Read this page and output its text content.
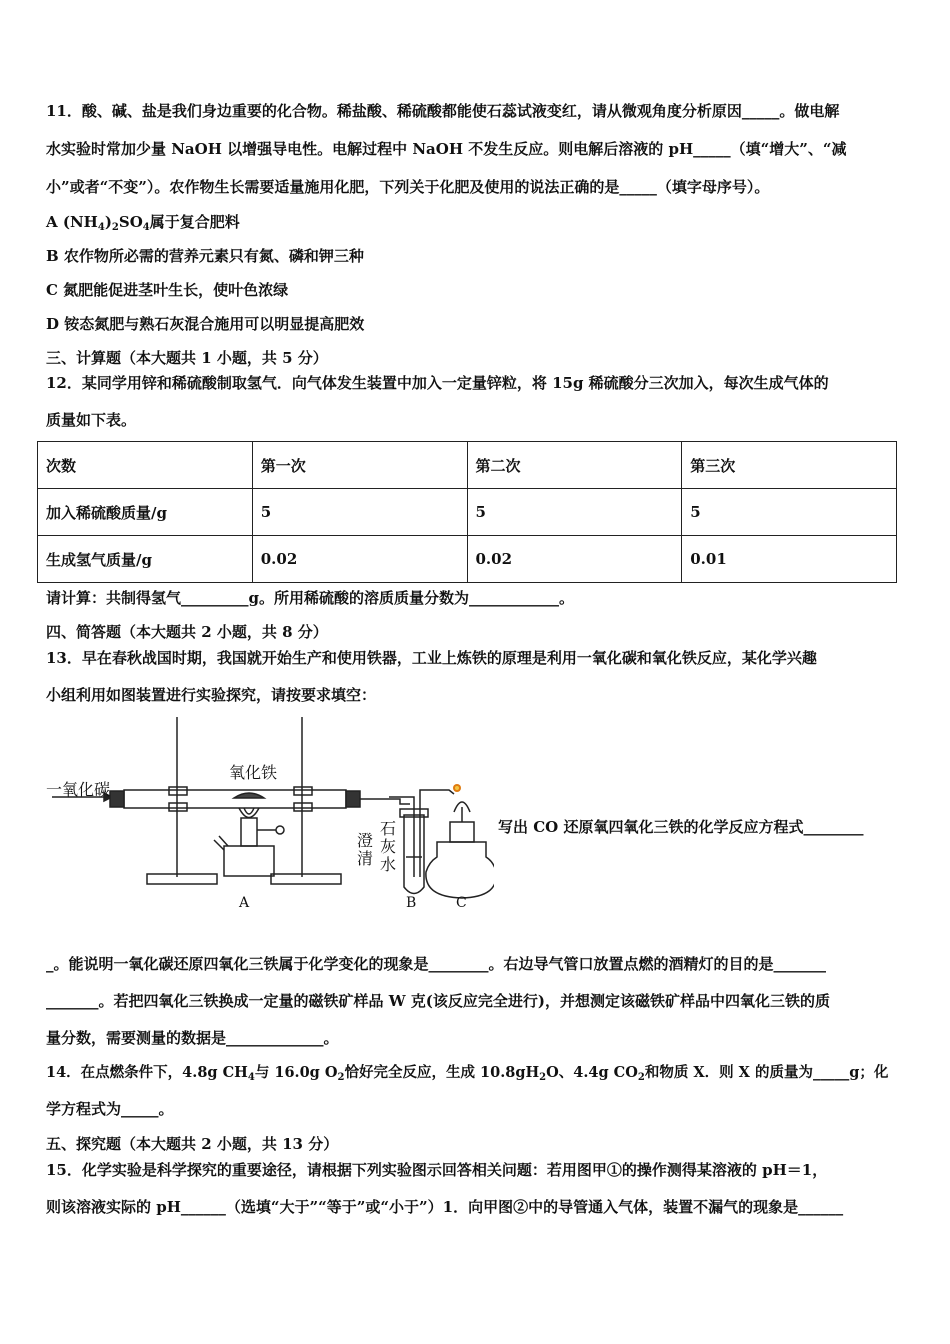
11．酸、碱、盐是我们身边重要的化合物。稀盐酸、稀硫酸都能使石蕊试液变红，请从微观角度分析原因_____。做电解
水实验时常加少量 NaOH 以增强导电性。电解过程中 NaOH 不发生反应。则电解后溶液的 pH_____（填“增大”、“减
小”或者“不变”）。农作物生长需要适量施用化肥，下列关于化肥及使用的说法正确的是_____（填字母序号）。
A $(NH_4)_2SO_4$属于复合肥料
B 农作物所必需的营养元素只有氮、磷和钾三种
C 氮肥能促进茎叶生长，使叶色浓绿
D 铵态氮肥与熟石灰混合施用可以明显提高肥效
三、计算题（本大题共 1 小题，共 5 分）
12．某同学用锌和稀硫酸制取氢气．向气体发生装置中加入一定量锌粒，将 15g 稀硫酸分三次加入，每次生成气体的
质量如下表。
次数	第一次	第二次	第三次
加入稀硫酸质量/g	5	5	5
生成氢气质量/g	0.02	0.02	0.01
请计算：共制得氢气_________g。所用稀硫酸的溶质质量分数为____________。
四、简答题（本大题共 2 小题，共 8 分）
13．早在春秋战国时期，我国就开始生产和使用铁器，工业上炼铁的原理是利用一氧化碳和氧化铁反应，某化学兴趣
小组利用如图装置进行实验探究，请按要求填空：
一氧化碳
氧化铁
澄清
石灰水
A	B	C
写出 CO 还原氧四氧化三铁的化学反应方程式________
_。能说明一氧化碳还原四氧化三铁属于化学变化的现象是________。右边导气管口放置点燃的酒精灯的目的是_______
_______。若把四氧化三铁换成一定量的磁铁矿样品 W 克(该反应完全进行)，并想测定该磁铁矿样品中四氧化三铁的质
量分数，需要测量的数据是_____________。
14．在点燃条件下，4.8g $CH_4$与 16.0g $O_2$恰好完全反应，生成 $10.8gH_2O$、4.4g $CO_2$和物质 X．则 X 的质量为_____g；化
学方程式为_____。
五、探究题（本大题共 2 小题，共 13 分）
15．化学实验是科学探究的重要途径，请根据下列实验图示回答相关问题：若用图甲①的操作测得某溶液的 pH＝1，
则该溶液实际的 pH______（选填“大于”“等于”或“小于”）1．向甲图②中的导管通入气体，装置不漏气的现象是______
